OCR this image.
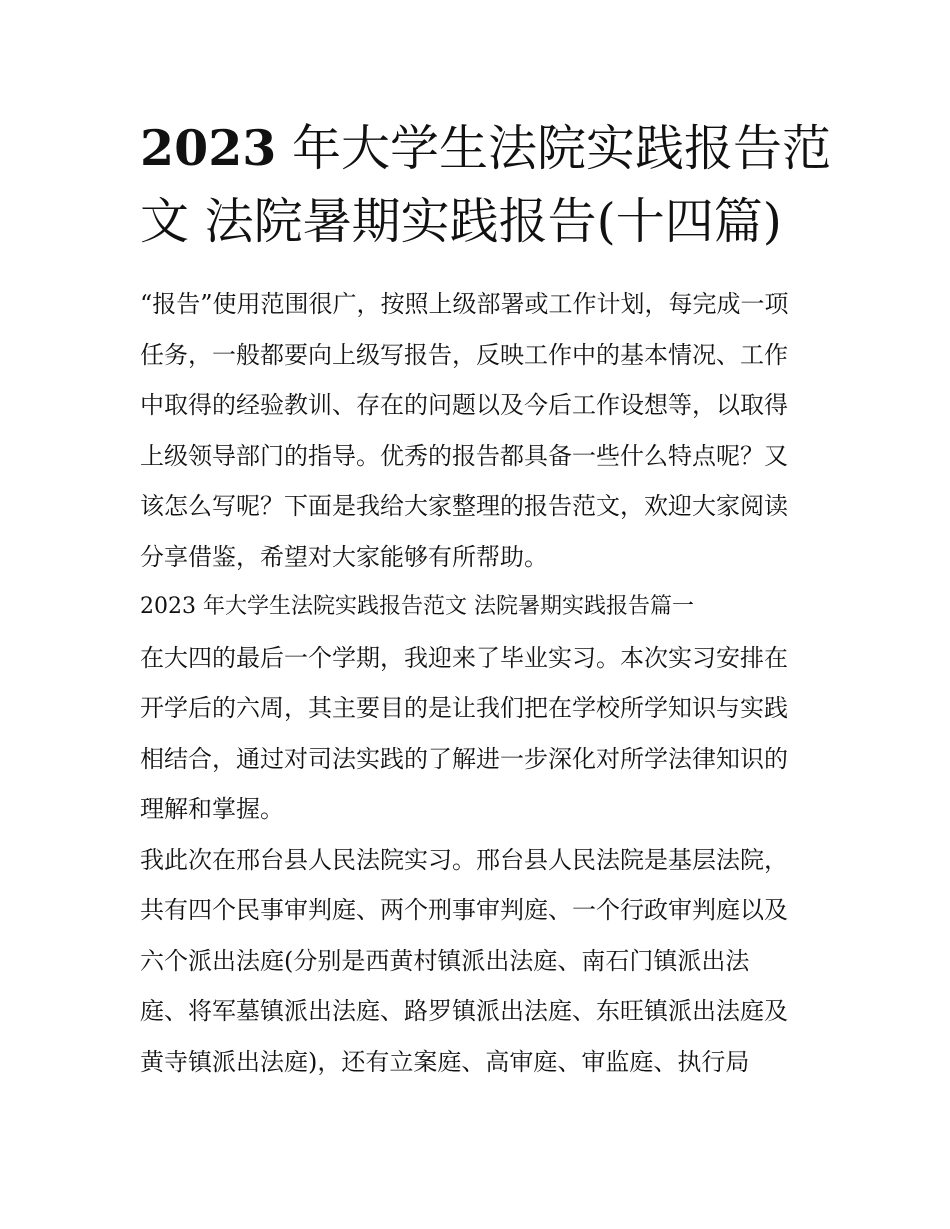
2023 年大学生法院实践报告范
文 法院暑期实践报告(十四篇)
“报告”使用范围很广，按照上级部署或工作计划，每完成一项
任务，一般都要向上级写报告，反映工作中的基本情况、工作
中取得的经验教训、存在的问题以及今后工作设想等，以取得
上级领导部门的指导。优秀的报告都具备一些什么特点呢？又
该怎么写呢？下面是我给大家整理的报告范文，欢迎大家阅读
分享借鉴，希望对大家能够有所帮助。
2023 年大学生法院实践报告范文 法院暑期实践报告篇一
在大四的最后一个学期，我迎来了毕业实习。本次实习安排在
开学后的六周，其主要目的是让我们把在学校所学知识与实践
相结合，通过对司法实践的了解进一步深化对所学法律知识的
理解和掌握。
我此次在邢台县人民法院实习。邢台县人民法院是基层法院，
共有四个民事审判庭、两个刑事审判庭、一个行政审判庭以及
六个派出法庭(分别是西黄村镇派出法庭、南石门镇派出法
庭、将军墓镇派出法庭、路罗镇派出法庭、东旺镇派出法庭及
黄寺镇派出法庭)，还有立案庭、高审庭、审监庭、执行局
